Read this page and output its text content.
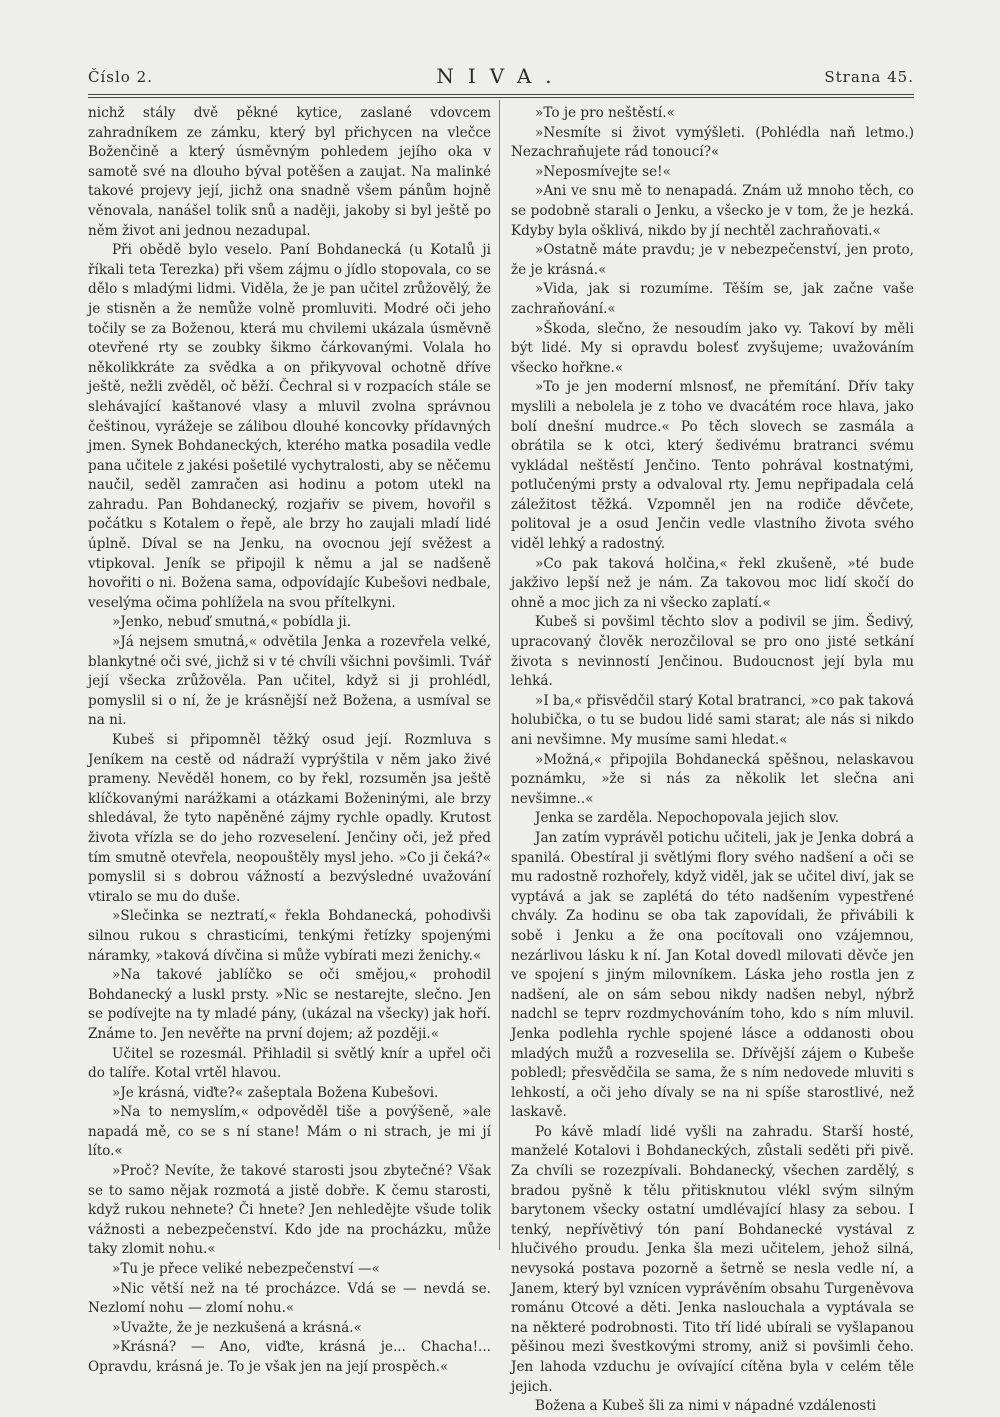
Číslo 2.	NIVA.	Strana 45.

nichž stály dvě pěkné kytice, zaslané vdovcem zahradníkem ze zámku, který byl přichycen na vlečce Boženčině a který úsměvným pohledem jejího oka v samotě své na dlouho býval potěšen a zaujat. Na malinké takové projevy její, jichž ona snadně všem pánům hojně věnovala, nanášel tolik snů a naději, jakoby si byl ještě po něm život ani jednou nezadupal.

Při obědě bylo veselo. Paní Bohdanecká (u Kotalů ji říkali teta Terezka) při všem zájmu o jídlo stopovala, co se dělo s mladými lidmi. Viděla, že je pan učitel zrůžovělý, že je stisněn a že nemůže volně promluviti. Modré oči jeho točily se za Boženou, která mu chvilemi ukázala úsměvně otevřené rty se zoubky šikmo čárkovanými. Volala ho několikkráte za svědka a on přikyvoval ochotně dříve ještě, nežli zvěděl, oč běží. Čechral si v rozpacích stále se slehávající kaštanové vlasy a mluvil zvolna správnou češtinou, vyrážeje se zálibou dlouhé koncovky přídavných jmen. Synek Bohdaneckých, kterého matka posadila vedle pana učitele z jakési pošetilé vychytralosti, aby se něčemu naučil, seděl zamračen asi hodinu a potom utekl na zahradu. Pan Bohdanecký, rozjařiv se pivem, hovořil s počátku s Kotalem o řepě, ale brzy ho zaujali mladí lidé úplně. Díval se na Jenku, na ovocnou její svěžest a vtipkoval. Jeník se připojil k němu a jal se nadšeně hovořiti o ni. Božena sama, odpovídajíc Kubešovi nedbale, veselýma očima pohlížela na svou přítelkyni.

»Jenko, nebuď smutná,« pobídla ji.

»Já nejsem smutná,« odvětila Jenka a rozevřela velké, blankytné oči své, jichž si v té chvíli všichni povšimli. Tvář její všecka zrůžověla. Pan učitel, když si ji prohlédl, pomyslil si o ní, že je krásnější než Božena, a usmíval se na ni.

Kubeš si připomněl těžký osud její. Rozmluva s Jeníkem na cestě od nádraží vyprýštila v něm jako živé prameny. Nevěděl honem, co by řekl, rozsuměn jsa ještě klíčkovanými narážkami a otázkami Boženinými, ale brzy shledával, že tyto napěněné zájmy rychle opadly. Krutost života vřízla se do jeho rozveselení. Jenčiny oči, jež před tím smutně otevřela, neopouštěly mysl jeho. »Co ji čeká?« pomyslil si s dobrou vážností a bezvýsledné uvažování vtiralo se mu do duše.

»Slečinka se neztratí,« řekla Bohdanecká, pohodivši silnou rukou s chrasticími, tenkými řetízky spojenými náramky, »taková dívčina si může vybírati mezi ženichy.«

»Na takové jablíčko se oči smějou,« prohodil Bohdanecký a luskl prsty. »Nic se nestarejte, slečno. Jen se podívejte na ty mladé pány, (ukázal na všecky) jak hoří. Známe to. Jen nevěřte na první dojem; až později.«

Učitel se rozesmál. Přihladil si světlý knír a upřel oči do talíře. Kotal vrtěl hlavou.

»Je krásná, viďte?« zašeptala Božena Kubešovi.

»Na to nemyslím,« odpověděl tiše a povýšeně, »ale napadá mě, co se s ní stane! Mám o ni strach, je mi jí líto.«

»Proč? Nevíte, že takové starosti jsou zbytečné? Však se to samo nějak rozmotá a jistě dobře. K čemu starosti, když rukou nehnete? Či hnete? Jen nehledějte všude tolik vážnosti a nebezpečenství. Kdo jde na procházku, může taky zlomit nohu.«

»Tu je přece veliké nebezpečenství —«

»Nic větší než na té procházce. Vdá se — nevdá se. Nezlomí nohu — zlomí nohu.«

»Uvažte, že je nezkušená a krásná.«

»Krásná? — Ano, viďte, krásná je... Chacha!... Opravdu, krásná je. To je však jen na její prospěch.«

»To je pro neštěstí.«

»Nesmíte si život vymýšleti. (Pohlédla naň letmo.) Nezachraňujete rád tonoucí?«

»Neposmívejte se!«

»Ani ve snu mě to nenapadá. Znám už mnoho těch, co se podobně starali o Jenku, a všecko je v tom, že je hezká. Kdyby byla ošklivá, nikdo by jí nechtěl zachraňovati.«

»Ostatně máte pravdu; je v nebezpečenství, jen proto, že je krásná.«

»Vida, jak si rozumíme. Těším se, jak začne vaše zachraňování.«

»Škoda, slečno, že nesoudím jako vy. Takoví by měli být lidé. My si opravdu bolesť zvyšujeme; uvažováním všecko hořkne.«

»To je jen moderní mlsnosť, ne přemítání. Dřív taky myslili a nebolela je z toho ve dvacátém roce hlava, jako bolí dnešní mudrce.« Po těch slovech se zasmála a obrátila se k otci, který šedivému bratranci svému vykládal neštěstí Jenčino. Tento pohrával kostnatými, potlučenými prsty a odvaloval rty. Jemu nepřipadala celá záležitost těžká. Vzpomněl jen na rodiče děvčete, politoval je a osud Jenčin vedle vlastního života svého viděl lehký a radostný.

»Co pak taková holčina,« řekl zkušeně, »té bude jakživo lepší než je nám. Za takovou moc lidí skočí do ohně a moc jich za ni všecko zaplatí.«

Kubeš si povšiml těchto slov a podivil se jim. Šedivý, upracovaný člověk nerozčiloval se pro ono jisté setkání života s nevinností Jenčinou. Budoucnost její byla mu lehká.

»I ba,« přisvědčil starý Kotal bratranci, »co pak taková holubička, o tu se budou lidé sami starat; ale nás si nikdo ani nevšimne. My musíme sami hledat.«

»Možná,« připojila Bohdanecká spěšnou, nelaskavou poznámku, »že si nás za několik let slečna ani nevšimne..«

Jenka se zarděla. Nepochopovala jejich slov.

Jan zatím vyprávěl potichu učiteli, jak je Jenka dobrá a spanilá. Obestíral ji světlými flory svého nadšení a oči se mu radostně rozhořely, když viděl, jak se učitel diví, jak se vyptává a jak se zaplétá do této nadšením vypestřené chvály. Za hodinu se oba tak zapovídali, že přivábili k sobě i Jenku a že ona pocítovali ono vzájemnou, nezárlivou lásku k ní. Jan Kotal dovedl milovati děvče jen ve spojení s jiným milovníkem. Láska jeho rostla jen z nadšení, ale on sám sebou nikdy nadšen nebyl, nýbrž nadchl se teprv rozdmychováním toho, kdo s ním mluvil. Jenka podlehla rychle spojené lásce a oddanosti obou mladých mužů a rozveselila se. Dřívější zájem o Kubeše pobledl; přesvědčila se sama, že s ním nedovede mluviti s lehkostí, a oči jeho dívaly se na ni spíše starostlivé, než laskavě.

Po kávě mladí lidé vyšli na zahradu. Starší hosté, manželé Kotalovi i Bohdaneckých, zůstali seděti při pivě. Za chvíli se rozezpívali. Bohdanecký, všechen zardělý, s bradou pyšně k tělu přitisknutou vlékl svým silným barytonem všecky ostatní umdlévající hlasy za sebou. I tenký, nepřívětivý tón paní Bohdanecké vystával z hlučivého proudu. Jenka šla mezi učitelem, jehož silná, nevysoká postava pozorně a šetrně se nesla vedle ní, a Janem, který byl vznícen vyprávěním obsahu Turgeněvova románu Otcové a děti. Jenka naslouchala a vyptávala se na některé podrobnosti. Tito tří lidé ubírali se vyšlapanou pěšinou mezi švestkovými stromy, aniž si povšimli čeho. Jen lahoda vzduchu je ovívající cítěna byla v celém těle jejich.

Božena a Kubeš šli za nimi v nápadné vzdálenosti
